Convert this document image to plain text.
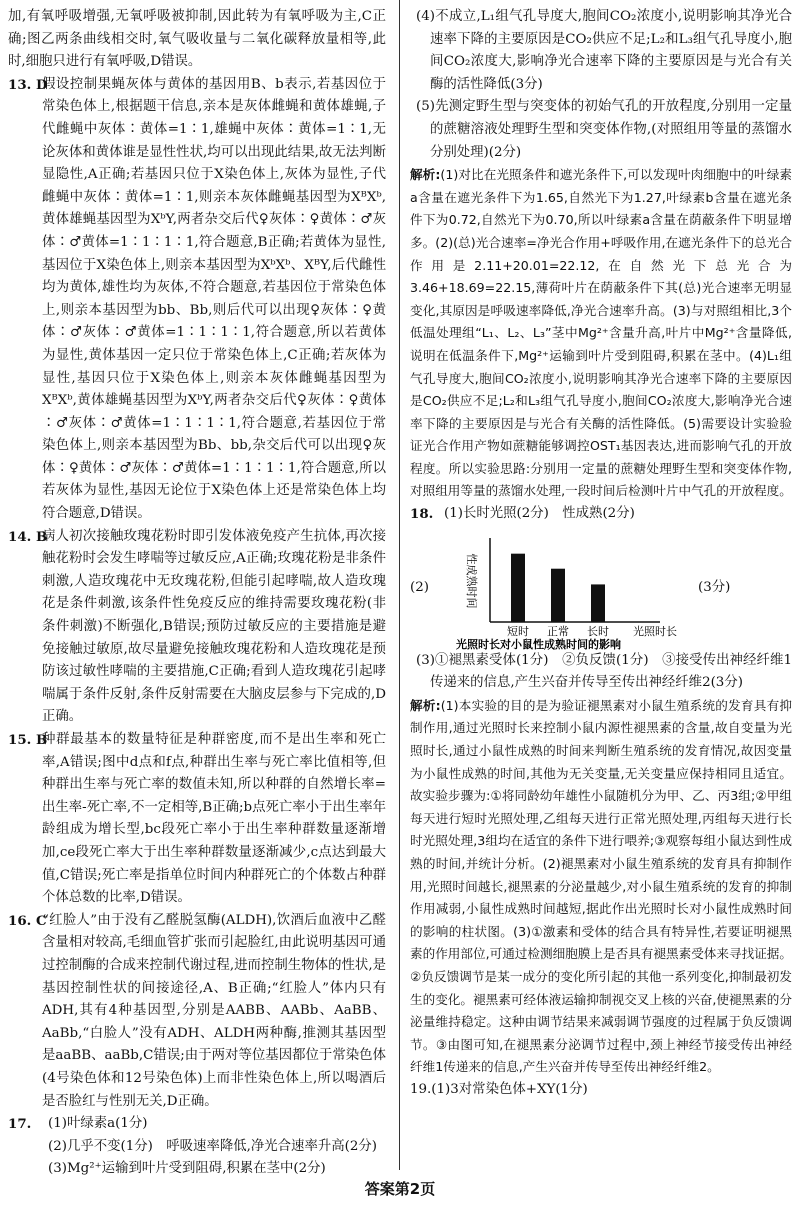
加,有氧呼吸增强,无氧呼吸被抑制,因此转为有氧呼吸为主,C正确;图乙两条曲线相交时,氧气吸收量与二氧化碳释放量相等,此时,细胞只进行有氧呼吸,D错误。

13. D

假设控制果蝇灰体与黄体的基因用B、b表示,若基因位于常染色体上,根据题干信息,亲本是灰体雌蝇和黄体雄蝇,子代雌蝇中灰体∶黄体=1∶1,雄蝇中灰体∶黄体=1∶1,无论灰体和黄体谁是显性性状,均可以出现此结果,故无法判断显隐性,A正确;若基因只位于X染色体上,灰体为显性,子代雌蝇中灰体∶黄体=1∶1,则亲本灰体雌蝇基因型为XᴮXᵇ,黄体雄蝇基因型为XᵇY,两者杂交后代♀灰体∶♀黄体∶♂灰体∶♂黄体=1∶1∶1∶1,符合题意,B正确;若黄体为显性,基因位于X染色体上,则亲本基因型为XᵇXᵇ、XᴮY,后代雌性均为黄体,雄性均为灰体,不符合题意,若基因位于常染色体上,则亲本基因型为bb、Bb,则后代可以出现♀灰体∶♀黄体∶♂灰体∶♂黄体=1∶1∶1∶1,符合题意,所以若黄体为显性,黄体基因一定只位于常染色体上,C正确;若灰体为显性,基因只位于X染色体上,则亲本灰体雌蝇基因型为XᴮXᵇ,黄体雄蝇基因型为XᵇY,两者杂交后代♀灰体∶♀黄体∶♂灰体∶♂黄体=1∶1∶1∶1,符合题意,若基因位于常染色体上,则亲本基因型为Bb、bb,杂交后代可以出现♀灰体∶♀黄体∶♂灰体∶♂黄体=1∶1∶1∶1,符合题意,所以若灰体为显性,基因无论位于X染色体上还是常染色体上均符合题意,D错误。

14. B

病人初次接触玫瑰花粉时即引发体液免疫产生抗体,再次接触花粉时会发生哮喘等过敏反应,A正确;玫瑰花粉是非条件刺激,人造玫瑰花中无玫瑰花粉,但能引起哮喘,故人造玫瑰花是条件刺激,该条件性免疫反应的维持需要玫瑰花粉(非条件刺激)不断强化,B错误;预防过敏反应的主要措施是避免接触过敏原,故尽量避免接触玫瑰花粉和人造玫瑰花是预防该过敏性哮喘的主要措施,C正确;看到人造玫瑰花引起哮喘属于条件反射,条件反射需要在大脑皮层参与下完成的,D正确。

15. B

种群最基本的数量特征是种群密度,而不是出生率和死亡率,A错误;图中d点和f点,种群出生率与死亡率比值相等,但种群出生率与死亡率的数值未知,所以种群的自然增长率=出生率-死亡率,不一定相等,B正确;b点死亡率小于出生率年龄组成为增长型,bc段死亡率小于出生率种群数量逐渐增加,ce段死亡率大于出生率种群数量逐渐减少,c点达到最大值,C错误;死亡率是指单位时间内种群死亡的个体数占种群个体总数的比率,D错误。

16. C

“红脸人”由于没有乙醛脱氢酶(ALDH),饮酒后血液中乙醛含量相对较高,毛细血管扩张而引起脸红,由此说明基因可通过控制酶的合成来控制代谢过程,进而控制生物体的性状,是基因控制性状的间接途径,A、B正确;“红脸人”体内只有ADH,其有4种基因型,分别是AABB、AABb、AaBB、AaBb,“白脸人”没有ADH、ALDH两种酶,推测其基因型是aaBB、aaBb,C错误;由于两对等位基因都位于常染色体(4号染色体和12号染色体)上而非性染色体上,所以喝酒后是否脸红与性别无关,D正确。

17.	(1)叶绿素a(1分)

(2)几乎不变(1分)　呼吸速率降低,净光合速率升高(2分)

(3)Mg²⁺运输到叶片受到阻碍,积累在茎中(2分)

(4)不成立,L₁组气孔导度大,胞间CO₂浓度小,说明影响其净光合速率下降的主要原因是CO₂供应不足;L₂和L₃组气孔导度小,胞间CO₂浓度大,影响净光合速率下降的主要原因是与光合有关酶的活性降低(3分)

(5)先测定野生型与突变体的初始气孔的开放程度,分别用一定量的蔗糖溶液处理野生型和突变体作物,(对照组用等量的蒸馏水分别处理)(2分)

解析:(1)对比在光照条件和遮光条件下,可以发现叶肉细胞中的叶绿素a含量在遮光条件下为1.65,自然光下为1.27,叶绿素b含量在遮光条件下为0.72,自然光下为0.70,所以叶绿素a含量在荫蔽条件下明显增多。(2)(总)光合速率=净光合作用+呼吸作用,在遮光条件下的总光合作用是2.11+20.01=22.12,在自然光下总光合为3.46+18.69=22.15,薄荷叶片在荫蔽条件下其(总)光合速率无明显变化,其原因是呼吸速率降低,净光合速率升高。(3)与对照组相比,3个低温处理组“L₁、L₂、L₃”茎中Mg²⁺含量升高,叶片中Mg²⁺含量降低,说明在低温条件下,Mg²⁺运输到叶片受到阻碍,积累在茎中。(4)L₁组气孔导度大,胞间CO₂浓度小,说明影响其净光合速率下降的主要原因是CO₂供应不足;L₂和L₃组气孔导度小,胞间CO₂浓度大,影响净光合速率下降的主要原因是与光合有关酶的活性降低。(5)需要设计实验验证光合作用产物如蔗糖能够调控OST₁基因表达,进而影响气孔的开放程度。所以实验思路:分别用一定量的蔗糖处理野生型和突变体作物,对照组用等量的蒸馏水处理,一段时间后检测叶片中气孔的开放程度。

18. (1)长时光照(2分)　性成熟(2分)

(2)	性成熟时间
光照时长
短时 正常 长时
光照时长对小鼠性成熟时间的影响
(3分)

(3)①褪黑素受体(1分)　②负反馈(1分)　③接受传出神经纤维1传递来的信息,产生兴奋并传导至传出神经纤维2(3分)

解析:(1)本实验的目的是为验证褪黑素对小鼠生殖系统的发育具有抑制作用,通过光照时长来控制小鼠内源性褪黑素的含量,故自变量为光照时长,通过小鼠性成熟的时间来判断生殖系统的发育情况,故因变量为小鼠性成熟的时间,其他为无关变量,无关变量应保持相同且适宜。故实验步骤为:①将同龄幼年雄性小鼠随机分为甲、乙、丙3组;②甲组每天进行短时光照处理,乙组每天进行正常光照处理,丙组每天进行长时光照处理,3组均在适宜的条件下进行喂养;③观察每组小鼠达到性成熟的时间,并统计分析。(2)褪黑素对小鼠生殖系统的发育具有抑制作用,光照时间越长,褪黑素的分泌量越少,对小鼠生殖系统的发育的抑制作用减弱,小鼠性成熟时间越短,据此作出光照时长对小鼠性成熟时间的影响的柱状图。(3)①激素和受体的结合具有特异性,若要证明褪黑素的作用部位,可通过检测细胞膜上是否具有褪黑素受体来寻找证据。②负反馈调节是某一成分的变化所引起的其他一系列变化,抑制最初发生的变化。褪黑素可经体液运输抑制视交叉上核的兴奋,使褪黑素的分泌量维持稳定。这种由调节结果来减弱调节强度的过程属于负反馈调节。③由图可知,在褪黑素分泌调节过程中,颈上神经节接受传出神经纤维1传递来的信息,产生兴奋并传导至传出神经纤维2。

19.(1)3对常染色体+XY(1分)

答案第2页
